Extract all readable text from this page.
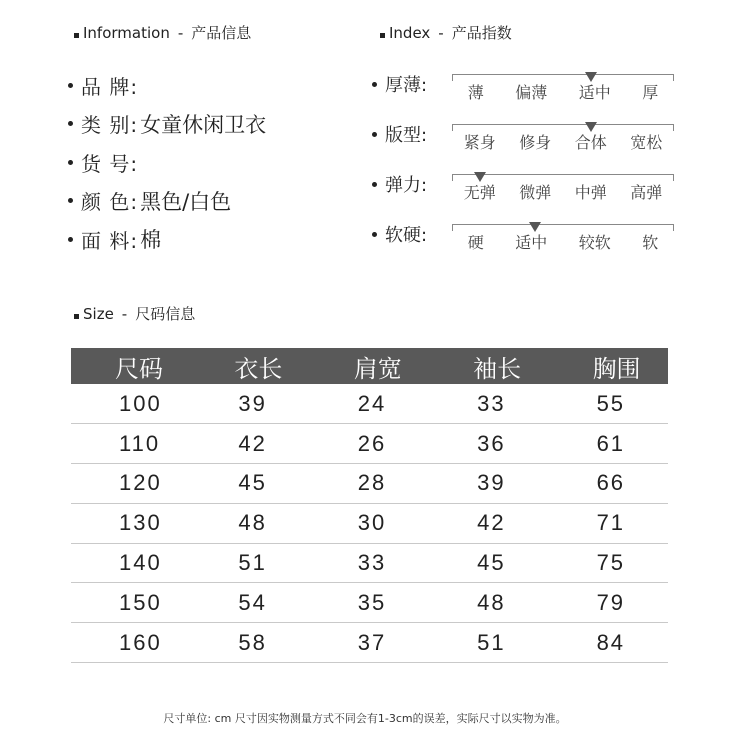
Information - 产品信息	Index - 产品指数
品 牌:
类 别: 女童休闲卫衣
货 号:
颜 色: 黑色/白色
面 料: 棉
厚薄:	薄 偏薄 适中 厚
版型: 紧身 修身 合体 宽松
弹力: 无弹 微弹 中弹 高弹
软硬:	硬 适中 较软 软
Size - 尺码信息
尺码	衣长	肩宽	袖长	胸围
100	39	24	33	55
110	42	26	36	61
120	45	28	39	66
130	48	30	42	71
140	51	33	45	75
150	54	35	48	79
160	58	37	51	84
尺寸单位: cm 尺寸因实物测量方式不同会有1-3cm的误差，实际尺寸以实物为准。
